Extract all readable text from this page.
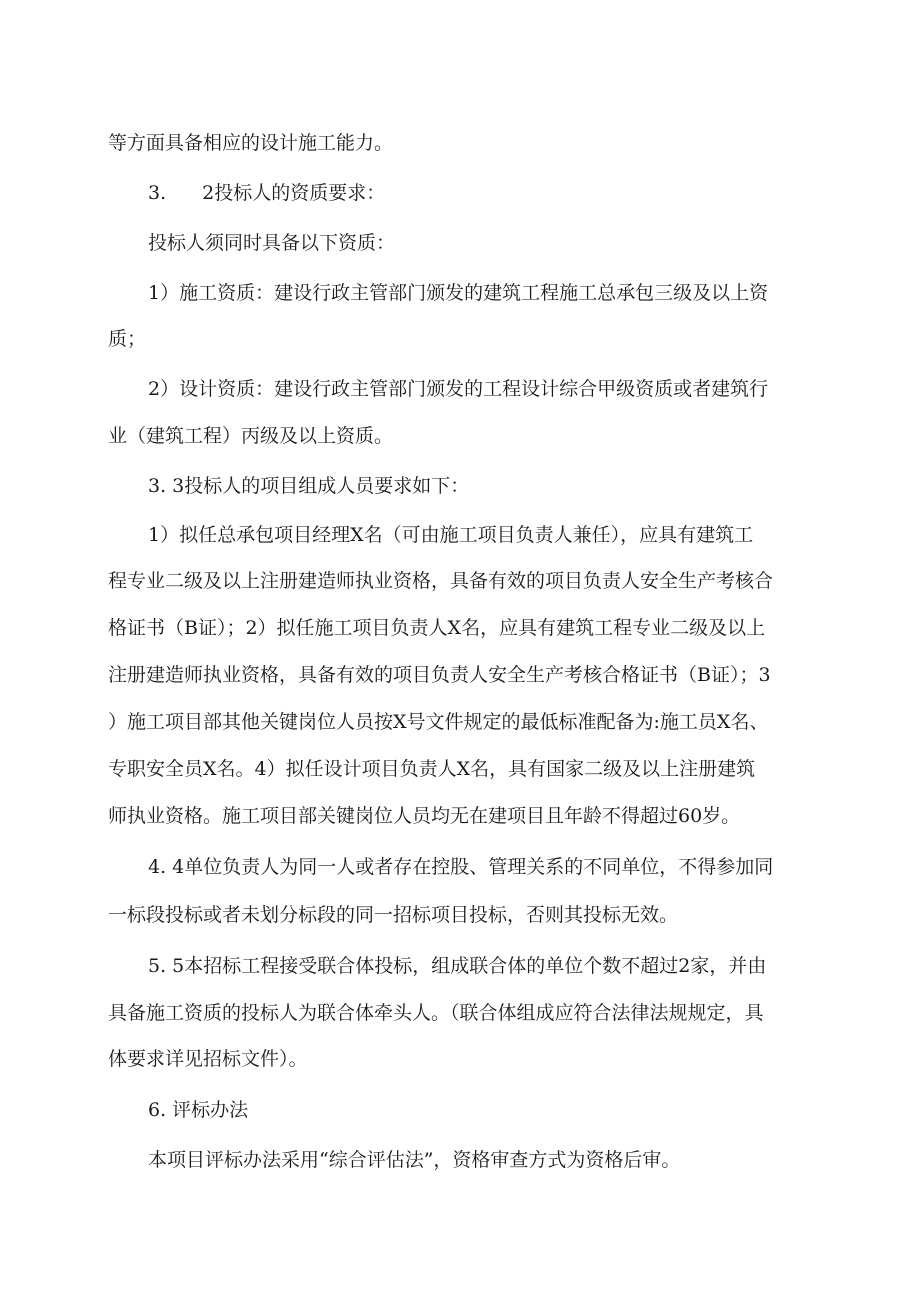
等方面具备相应的设计施工能力。
3. 2投标人的资质要求：
投标人须同时具备以下资质：
1）施工资质：建设行政主管部门颁发的建筑工程施工总承包三级及以上资
质；
2）设计资质：建设行政主管部门颁发的工程设计综合甲级资质或者建筑行
业（建筑工程）丙级及以上资质。
3. 3投标人的项目组成人员要求如下：
1）拟任总承包项目经理X名（可由施工项目负责人兼任），应具有建筑工
程专业二级及以上注册建造师执业资格，具备有效的项目负责人安全生产考核合
格证书（B证）；2）拟任施工项目负责人X名，应具有建筑工程专业二级及以上
注册建造师执业资格，具备有效的项目负责人安全生产考核合格证书（B证）；3
）施工项目部其他关键岗位人员按X号文件规定的最低标准配备为:施工员X名、
专职安全员X名。4）拟任设计项目负责人X名，具有国家二级及以上注册建筑
师执业资格。施工项目部关键岗位人员均无在建项目且年龄不得超过60岁。
4. 4单位负责人为同一人或者存在控股、管理关系的不同单位，不得参加同
一标段投标或者未划分标段的同一招标项目投标，否则其投标无效。
5. 5本招标工程接受联合体投标，组成联合体的单位个数不超过2家，并由
具备施工资质的投标人为联合体牵头人。（联合体组成应符合法律法规规定，具
体要求详见招标文件）。
6. 评标办法
本项目评标办法采用“综合评估法”，资格审查方式为资格后审。
